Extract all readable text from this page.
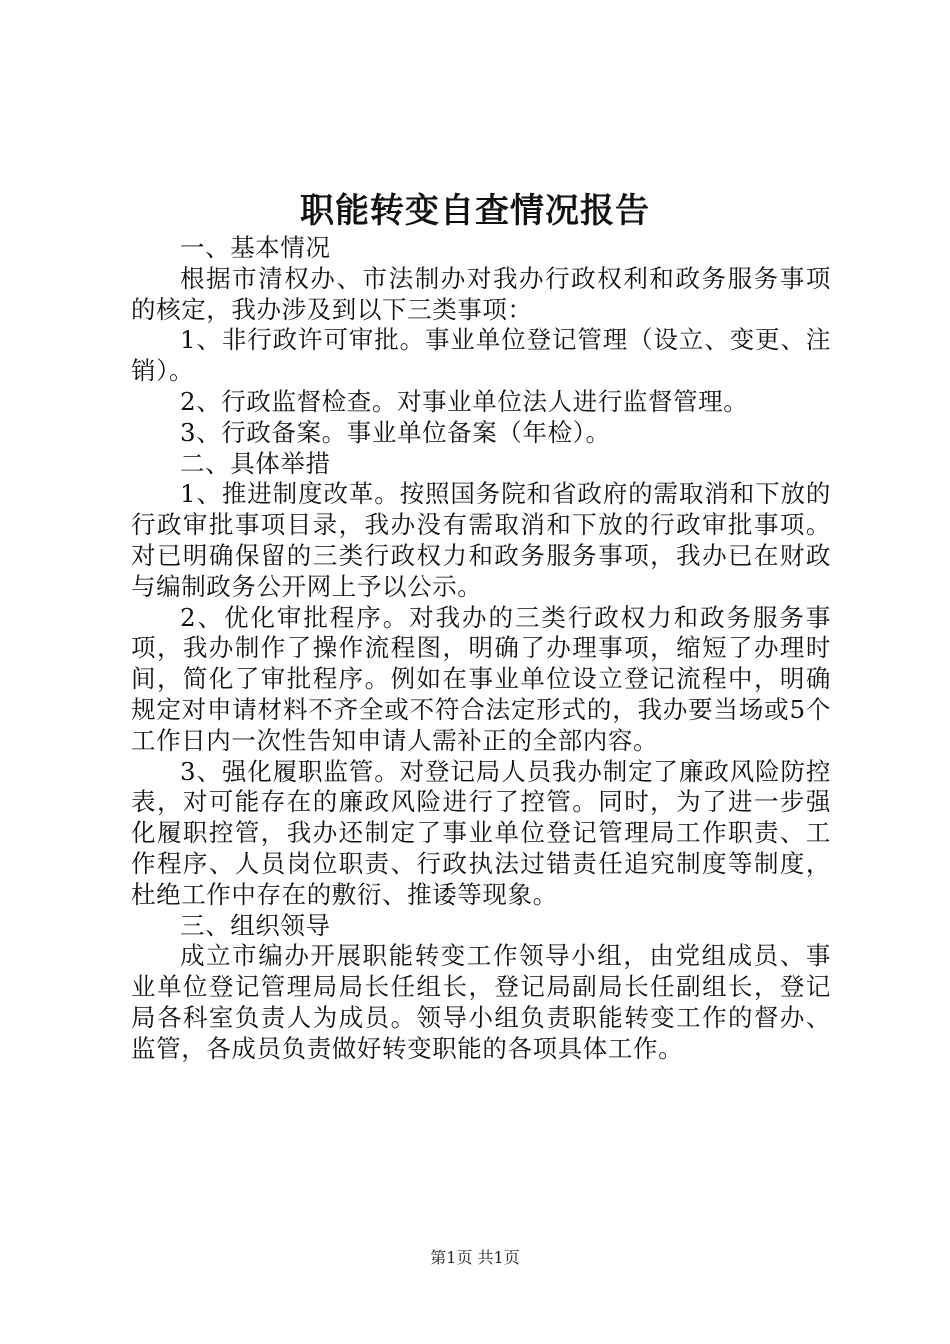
职能转变自查情况报告

一、基本情况

根据市清权办、市法制办对我办行政权利和政务服务事项的核定，我办涉及到以下三类事项：

1、非行政许可审批。事业单位登记管理（设立、变更、注销）。

2、行政监督检查。对事业单位法人进行监督管理。

3、行政备案。事业单位备案（年检）。

二、具体举措

1、推进制度改革。按照国务院和省政府的需取消和下放的行政审批事项目录，我办没有需取消和下放的行政审批事项。对已明确保留的三类行政权力和政务服务事项，我办已在财政与编制政务公开网上予以公示。

2、优化审批程序。对我办的三类行政权力和政务服务事项，我办制作了操作流程图，明确了办理事项，缩短了办理时间，简化了审批程序。例如在事业单位设立登记流程中，明确规定对申请材料不齐全或不符合法定形式的，我办要当场或5个工作日内一次性告知申请人需补正的全部内容。

3、强化履职监管。对登记局人员我办制定了廉政风险防控表，对可能存在的廉政风险进行了控管。同时，为了进一步强化履职控管，我办还制定了事业单位登记管理局工作职责、工作程序、人员岗位职责、行政执法过错责任追究制度等制度，杜绝工作中存在的敷衍、推诿等现象。

三、组织领导

成立市编办开展职能转变工作领导小组，由党组成员、事业单位登记管理局局长任组长，登记局副局长任副组长，登记局各科室负责人为成员。领导小组负责职能转变工作的督办、监管，各成员负责做好转变职能的各项具体工作。

第1页 共1页
